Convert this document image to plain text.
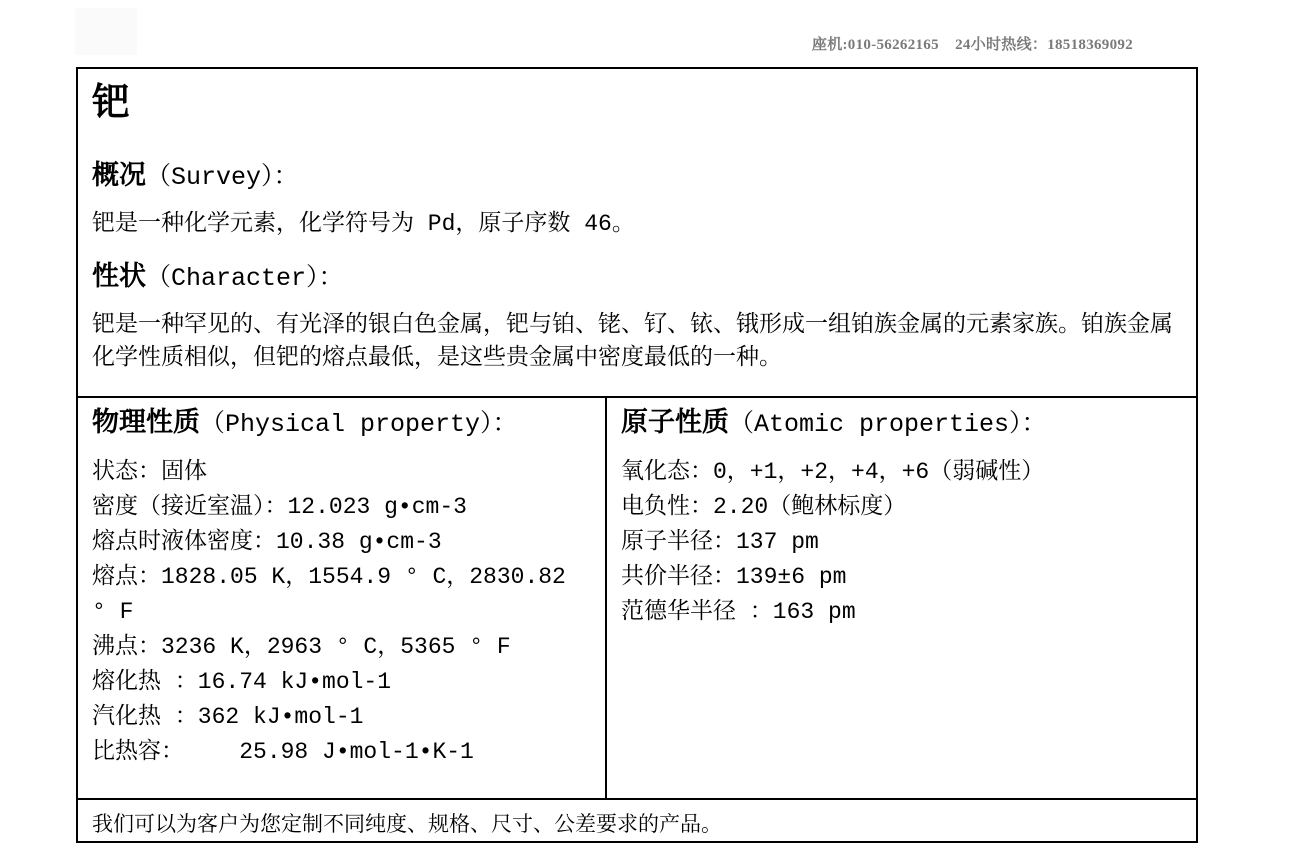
座机:010-56262165    24小时热线：18518369092
钯
概况（Survey）：
钯是一种化学元素，化学符号为 Pd，原子序数 46。
性状（Character）：
钯是一种罕见的、有光泽的银白色金属，钯与铂、铑、钌、铱、锇形成一组铂族金属的元素家族。铂族金属化学性质相似，但钯的熔点最低，是这些贵金属中密度最低的一种。
物理性质（Physical property）：
状态：固体
密度（接近室温）：12.023 g•cm-3
熔点时液体密度：10.38 g•cm-3
熔点：1828.05 K，1554.9 ° C，2830.82 ° F
沸点：3236 K，2963 ° C，5365 ° F
熔化热 ：16.74 kJ•mol-1
汽化热 ：362 kJ•mol-1
比热容：    25.98 J•mol-1•K-1
原子性质（Atomic properties）：
氧化态：0，+1，+2，+4，+6（弱碱性）
电负性：2.20（鲍林标度）
原子半径：137 pm
共价半径：139±6 pm
范德华半径 ：163 pm
我们可以为客户为您定制不同纯度、规格、尺寸、公差要求的产品。
